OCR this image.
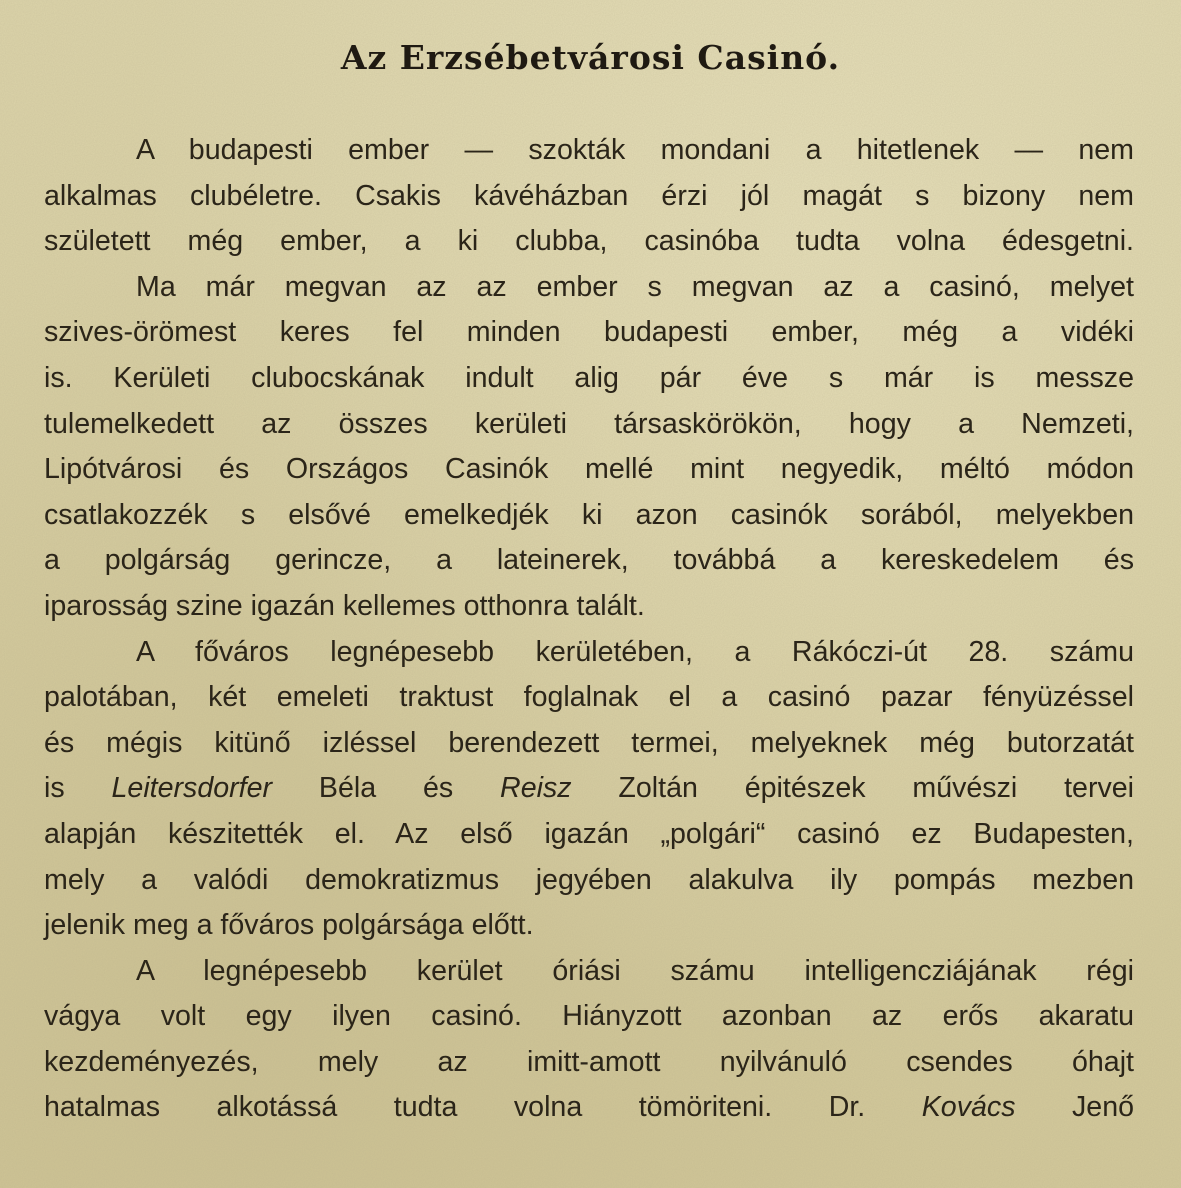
Az Erzsébetvárosi Casinó.
A budapesti ember — szokták mondani a hitetlenek — nem
alkalmas clubéletre. Csakis kávéházban érzi jól magát s bizony nem
született még ember, a ki clubba, casinóba tudta volna édesgetni.
Ma már megvan az az ember s megvan az a casinó, melyet
szives-örömest keres fel minden budapesti ember, még a vidéki
is. Kerületi clubocskának indult alig pár éve s már is messze
tulemelkedett az összes kerületi társaskörökön, hogy a Nemzeti,
Lipótvárosi és Országos Casinók mellé mint negyedik, méltó módon
csatlakozzék s elsővé emelkedjék ki azon casinók sorából, melyekben
a polgárság gerincze, a lateinerek, továbbá a kereskedelem és
iparosság szine igazán kellemes otthonra talált.
A főváros legnépesebb kerületében, a Rákóczi-út 28. számu
palotában, két emeleti traktust foglalnak el a casinó pazar fényüzéssel
és mégis kitünő izléssel berendezett termei, melyeknek még butorzatát
is Leitersdorfer Béla és Reisz Zoltán épitészek művészi tervei
alapján készitették el. Az első igazán „polgári“ casinó ez Budapesten,
mely a valódi demokratizmus jegyében alakulva ily pompás mezben
jelenik meg a főváros polgársága előtt.
A legnépesebb kerület óriási számu intelligencziájának régi
vágya volt egy ilyen casinó. Hiányzott azonban az erős akaratu
kezdeményezés, mely az imitt-amott nyilvánuló csendes óhajt
hatalmas alkotássá tudta volna tömöriteni. Dr. Kovács Jenő
